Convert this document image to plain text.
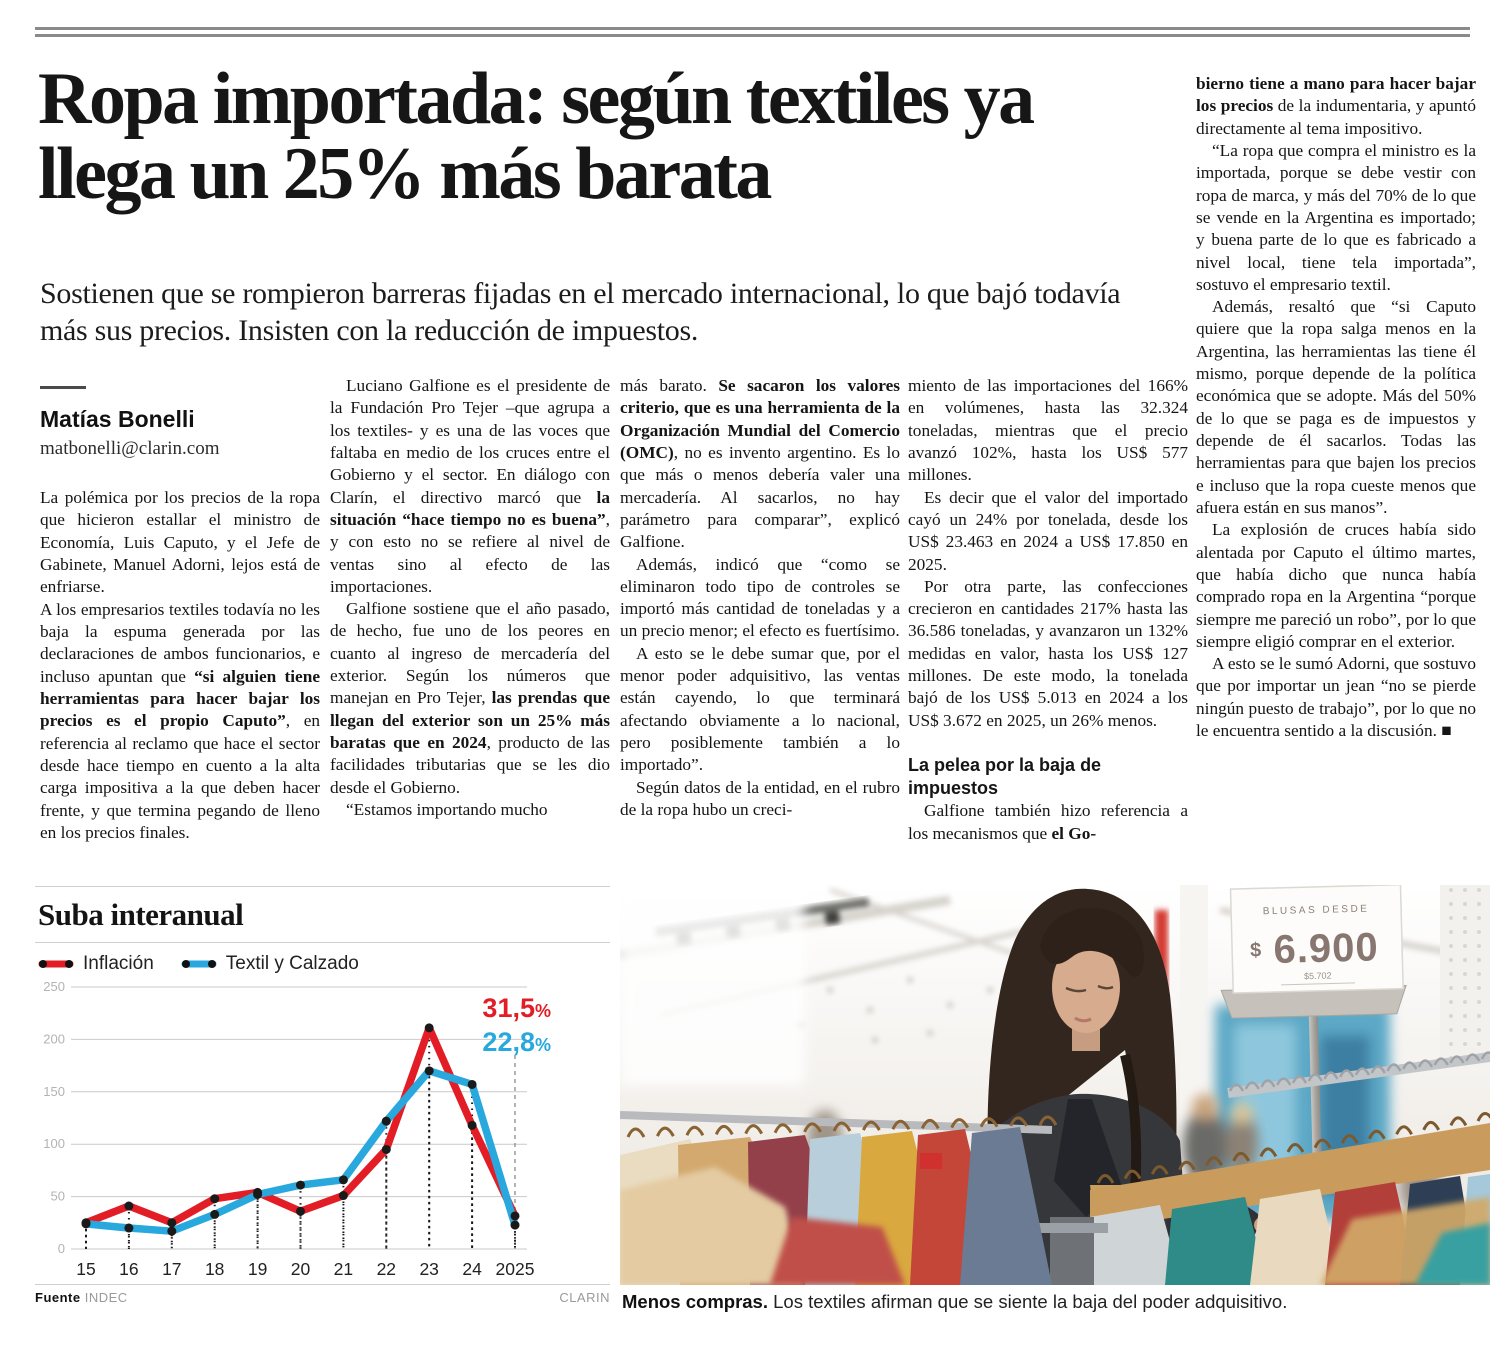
Ropa importada: según textiles ya llega un 25% más barata
Sostienen que se rompieron barreras fijadas en el mercado internacional, lo que bajó todavía más sus precios. Insisten con la reducción de impuestos.
Matías Bonelli
matbonelli@clarin.com

La polémica por los precios de la ropa que hicieron estallar el ministro de Economía, Luis Caputo, y el Jefe de Gabinete, Manuel Adorni, lejos está de enfriarse.

A los empresarios textiles todavía no les baja la espuma generada por las declaraciones de ambos funcionarios, e incluso apuntan que “si alguien tiene herramientas para hacer bajar los precios es el propio Caputo”, en referencia al reclamo que hace el sector desde hace tiempo en cuento a la alta carga impositiva a la que deben hacer frente, y que termina pegando de lleno en los precios finales.

Luciano Galfione es el presidente de la Fundación Pro Tejer –que agrupa a los textiles- y es una de las voces que faltaba en medio de los cruces entre el Gobierno y el sector. En diálogo con Clarín, el directivo marcó que la situación “hace tiempo no es buena”, y con esto no se refiere al nivel de ventas sino al efecto de las importaciones.

Galfione sostiene que el año pasado, de hecho, fue uno de los peores en cuanto al ingreso de mercadería del exterior. Según los números que manejan en Pro Tejer, las prendas que llegan del exterior son un 25% más baratas que en 2024, producto de las facilidades tributarias que se les dio desde el Gobierno.

“Estamos importando mucho

más barato. Se sacaron los valores criterio, que es una herramienta de la Organización Mundial del Comercio (OMC), no es invento argentino. Es lo que más o menos debería valer una mercadería. Al sacarlos, no hay parámetro para comparar”, explicó Galfione.

Además, indicó que “como se eliminaron todo tipo de controles se importó más cantidad de toneladas y a un precio menor; el efecto es fuertísimo.

A esto se le debe sumar que, por el menor poder adquisitivo, las ventas están cayendo, lo que terminará afectando obviamente a lo nacional, pero posiblemente también a lo importado”.

Según datos de la entidad, en el rubro de la ropa hubo un creci-

miento de las importaciones del 166% en volúmenes, hasta las 32.324 toneladas, mientras que el precio avanzó 102%, hasta los US$ 577 millones.

Es decir que el valor del importado cayó un 24% por tonelada, desde los US$ 23.463 en 2024 a US$ 17.850 en 2025.

Por otra parte, las confecciones crecieron en cantidades 217% hasta las 36.586 toneladas, y avanzaron un 132% medidas en valor, hasta los US$ 127 millones. De este modo, la tonelada bajó de los US$ 5.013 en 2024 a los US$ 3.672 en 2025, un 26% menos.

La pelea por la baja de impuestos

Galfione también hizo referencia a los mecanismos que el Go-

bierno tiene a mano para hacer bajar los precios de la indumentaria, y apuntó directamente al tema impositivo.

“La ropa que compra el ministro es la importada, porque se debe vestir con ropa de marca, y más del 70% de lo que se vende en la Argentina es importado; y buena parte de lo que es fabricado a nivel local, tiene tela importada”, sostuvo el empresario textil.

Además, resaltó que “si Caputo quiere que la ropa salga menos en la Argentina, las herramientas las tiene él mismo, porque depende de la política económica que se adopte. Más del 50% de lo que se paga es de impuestos y depende de él sacarlos. Todas las herramientas para que bajen los precios e incluso que la ropa cueste menos que afuera están en sus manos”.

La explosión de cruces había sido alentada por Caputo el último martes, que había dicho que nunca había comprado ropa en la Argentina “porque siempre me pareció un robo”, por lo que siempre eligió comprar en el exterior.

A esto se le sumó Adorni, que sostuvo que por importar un jean “no se pierde ningún puesto de trabajo”, por lo que no le encuentra sentido a la discusión. ■

Suba interanual
Inflación	Textil y Calzado
0
50
100
150
200
250
15 16 17 18 19 20 21 22 23 24 2025
31,5%
22,8%
Fuente INDEC	CLARIN
BLUSAS DESDE
$ 6.900
$5.702
Menos compras. Los textiles afirman que se siente la baja del poder adquisitivo.
